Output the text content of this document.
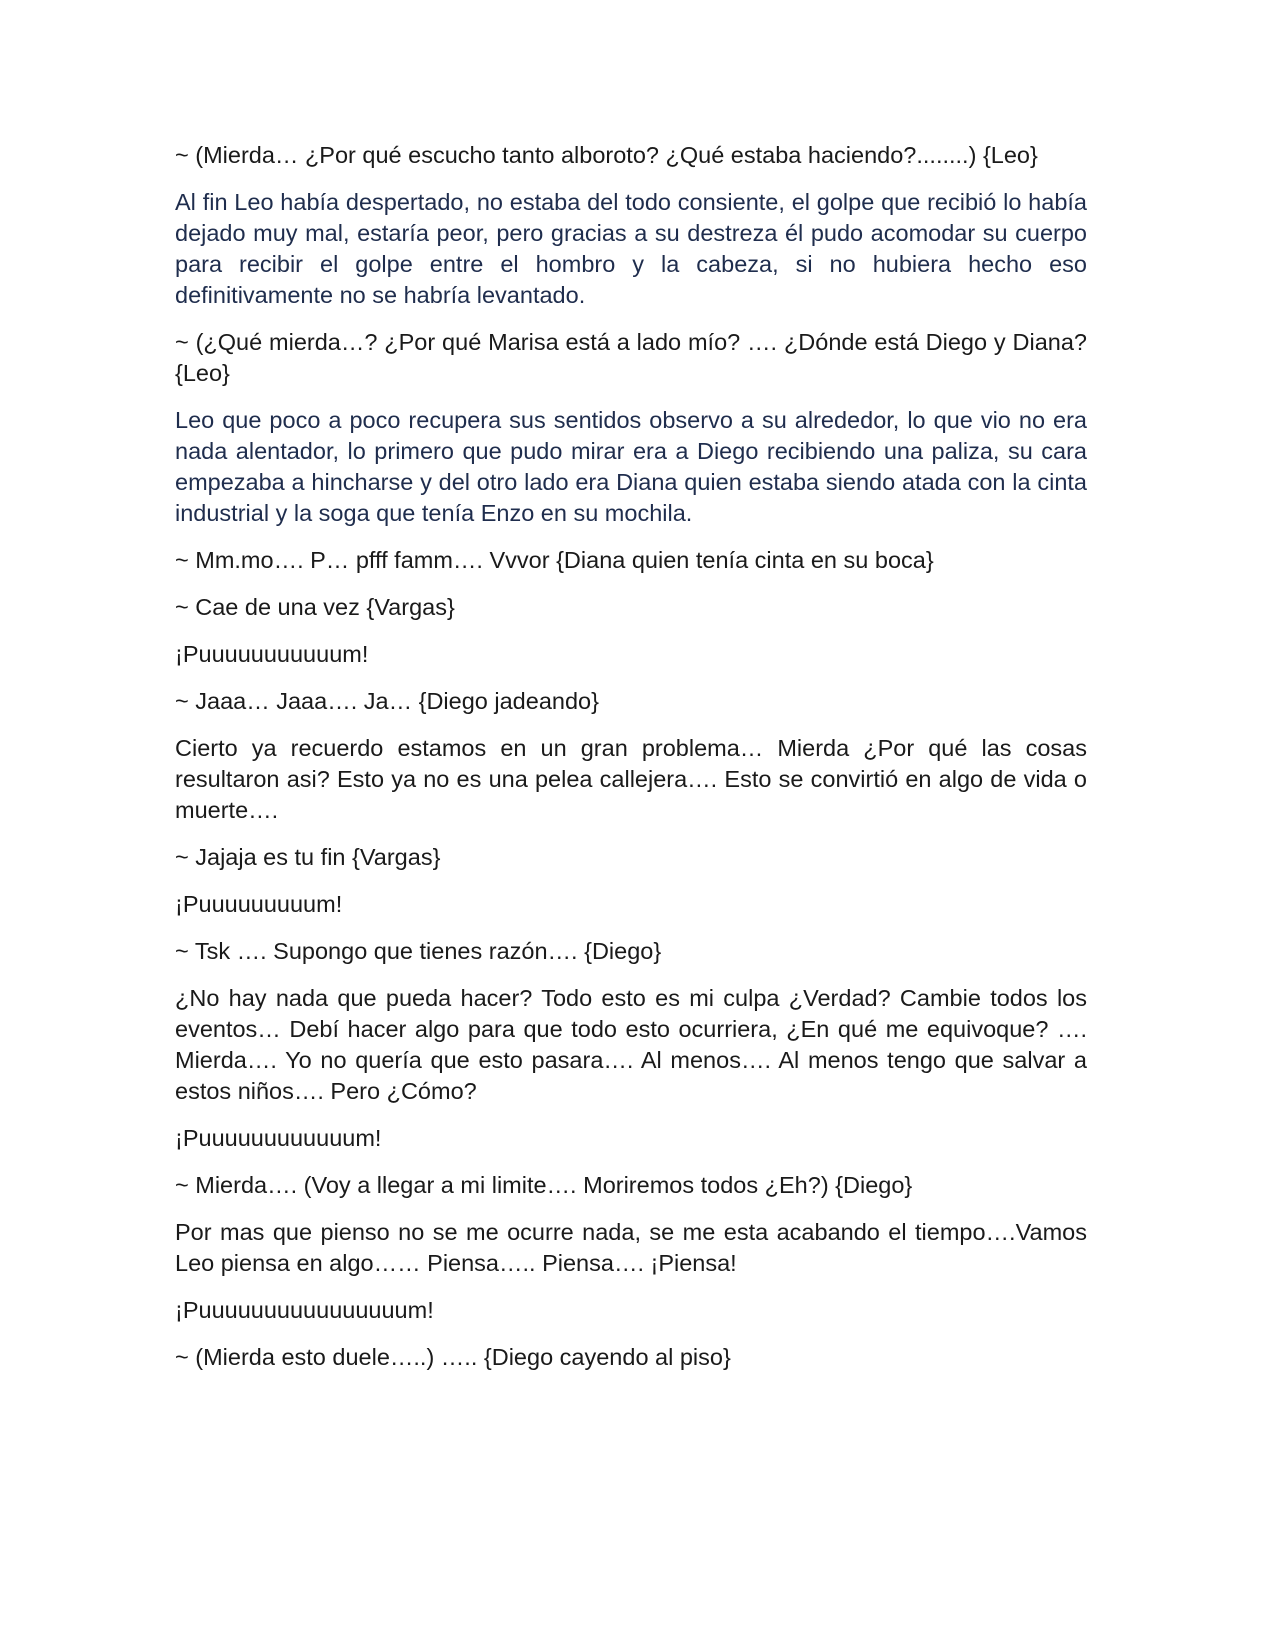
~ (Mierda… ¿Por qué escucho tanto alboroto? ¿Qué estaba haciendo?........) {Leo}

Al fin Leo había despertado, no estaba del todo consiente, el golpe que recibió lo había dejado muy mal, estaría peor, pero gracias a su destreza él pudo acomodar su cuerpo para recibir el golpe entre el hombro y la cabeza, si no hubiera hecho eso definitivamente no se habría levantado.

~ (¿Qué mierda…? ¿Por qué Marisa está a lado mío? …. ¿Dónde está Diego y Diana? {Leo}

Leo que poco a poco recupera sus sentidos observo a su alrededor, lo que vio no era nada alentador, lo primero que pudo mirar era a Diego recibiendo una paliza, su cara empezaba a hincharse y del otro lado era Diana quien estaba siendo atada con la cinta industrial y la soga que tenía Enzo en su mochila.

~ Mm.mo…. P… pfff famm…. Vvvor {Diana quien tenía cinta en su boca}

~ Cae de una vez {Vargas}

¡Puuuuuuuuuuum!

~ Jaaa… Jaaa…. Ja… {Diego jadeando}

Cierto ya recuerdo estamos en un gran problema… Mierda ¿Por qué las cosas resultaron asi? Esto ya no es una pelea callejera…. Esto se convirtió en algo de vida o muerte….

~ Jajaja es tu fin {Vargas}

¡Puuuuuuuuum!

~ Tsk …. Supongo que tienes razón…. {Diego}

¿No hay nada que pueda hacer? Todo esto es mi culpa ¿Verdad? Cambie todos los eventos… Debí hacer algo para que todo esto ocurriera, ¿En qué me equivoque? …. Mierda…. Yo no quería que esto pasara…. Al menos…. Al menos tengo que salvar a estos niños…. Pero ¿Cómo?

¡Puuuuuuuuuuuum!

~ Mierda…. (Voy a llegar a mi limite…. Moriremos todos ¿Eh?) {Diego}

Por mas que pienso no se me ocurre nada, se me esta acabando el tiempo….Vamos Leo piensa en algo…… Piensa….. Piensa…. ¡Piensa!

¡Puuuuuuuuuuuuuuuum!

~ (Mierda esto duele…..) ….. {Diego cayendo al piso}
